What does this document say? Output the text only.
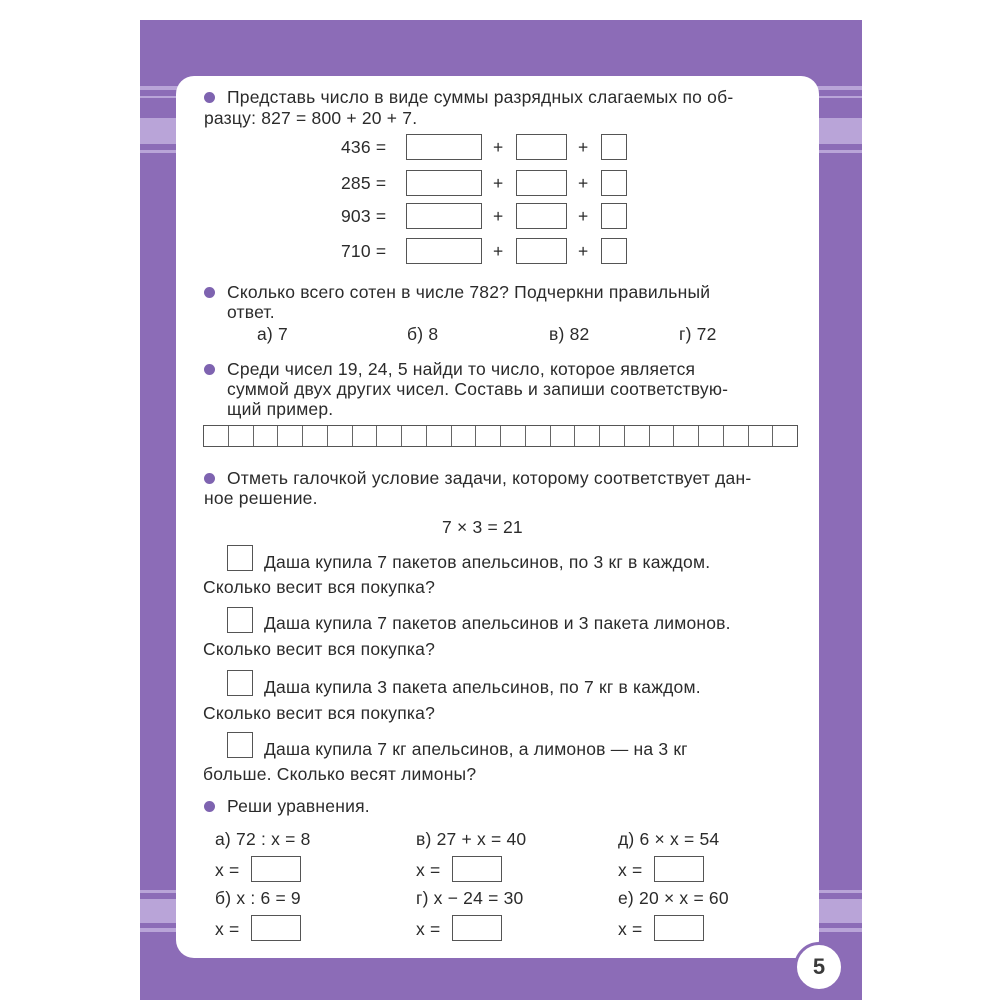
Представь число в виде суммы разрядных слагаемых по об-
разцу: 827 = 800 + 20 + 7.
436 =	+	+
285 =	+	+
903 =	+	+
710 =	+	+
Сколько всего сотен в числе 782? Подчеркни правильный
ответ.
а) 7	б) 8	в) 82	г) 72
Среди чисел 19, 24, 5 найди то число, которое является
суммой двух других чисел. Составь и запиши соответствую-
щий пример.
Отметь галочкой условие задачи, которому соответствует дан-
ное решение.
7 × 3 = 21
Даша купила 7 пакетов апельсинов, по 3 кг в каждом.
Сколько весит вся покупка?
Даша купила 7 пакетов апельсинов и 3 пакета лимонов.
Сколько весит вся покупка?
Даша купила 3 пакета апельсинов, по 7 кг в каждом.
Сколько весит вся покупка?
Даша купила 7 кг апельсинов, а лимонов — на 3 кг
больше. Сколько весят лимоны?
Реши уравнения.
а) 72 : x = 8	в) 27 + x = 40	д) 6 × x = 54
x =	x =	x =
б) x : 6 = 9	г) x − 24 = 30	е) 20 × x = 60
x =	x =	x =
5
